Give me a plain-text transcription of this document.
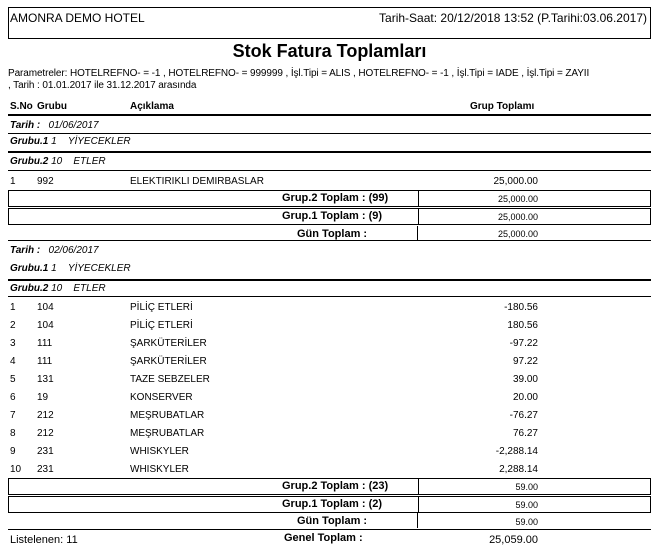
AMONRA DEMO HOTEL	Tarih-Saat: 20/12/2018 13:52 (P.Tarihi:03.06.2017)
Stok Fatura Toplamları
Parametreler: HOTELREFNO- = -1 , HOTELREFNO- = 999999 , İşl.Tipi = ALIS , HOTELREFNO- = -1 , İşl.Tipi = IADE , İşl.Tipi = ZAYII
, Tarih : 01.01.2017 ile 31.12.2017 arasında
S.No Grubu	Açıklama	Grup Toplamı
Tarih : 01/06/2017
Grubu.1 1 YİYECEKLER
Grubu.2 10 ETLER
1 992	ELEKTIRIKLI DEMIRBASLAR	25,000.00
Grup.2 Toplam : (99)	25,000.00
Grup.1 Toplam : (9)	25,000.00
Gün Toplam :	25,000.00
Tarih : 02/06/2017
Grubu.1 1 YİYECEKLER
Grubu.2 10 ETLER
1 104	PİLİÇ ETLERİ	-180.56
2 104	PİLİÇ ETLERİ	180.56
3 111	ŞARKÜTERİLER	-97.22
4 111	ŞARKÜTERİLER	97.22
5 131	TAZE SEBZELER	39.00
6 19	KONSERVER	20.00
7 212	MEŞRUBATLAR	-76.27
8 212	MEŞRUBATLAR	76.27
9 231	WHISKYLER	-2,288.14
10 231	WHISKYLER	2,288.14
Grup.2 Toplam : (23)	59.00
Grup.1 Toplam : (2)	59.00
Gün Toplam :	59.00
Listelenen: 11	Genel Toplam :	25,059.00
